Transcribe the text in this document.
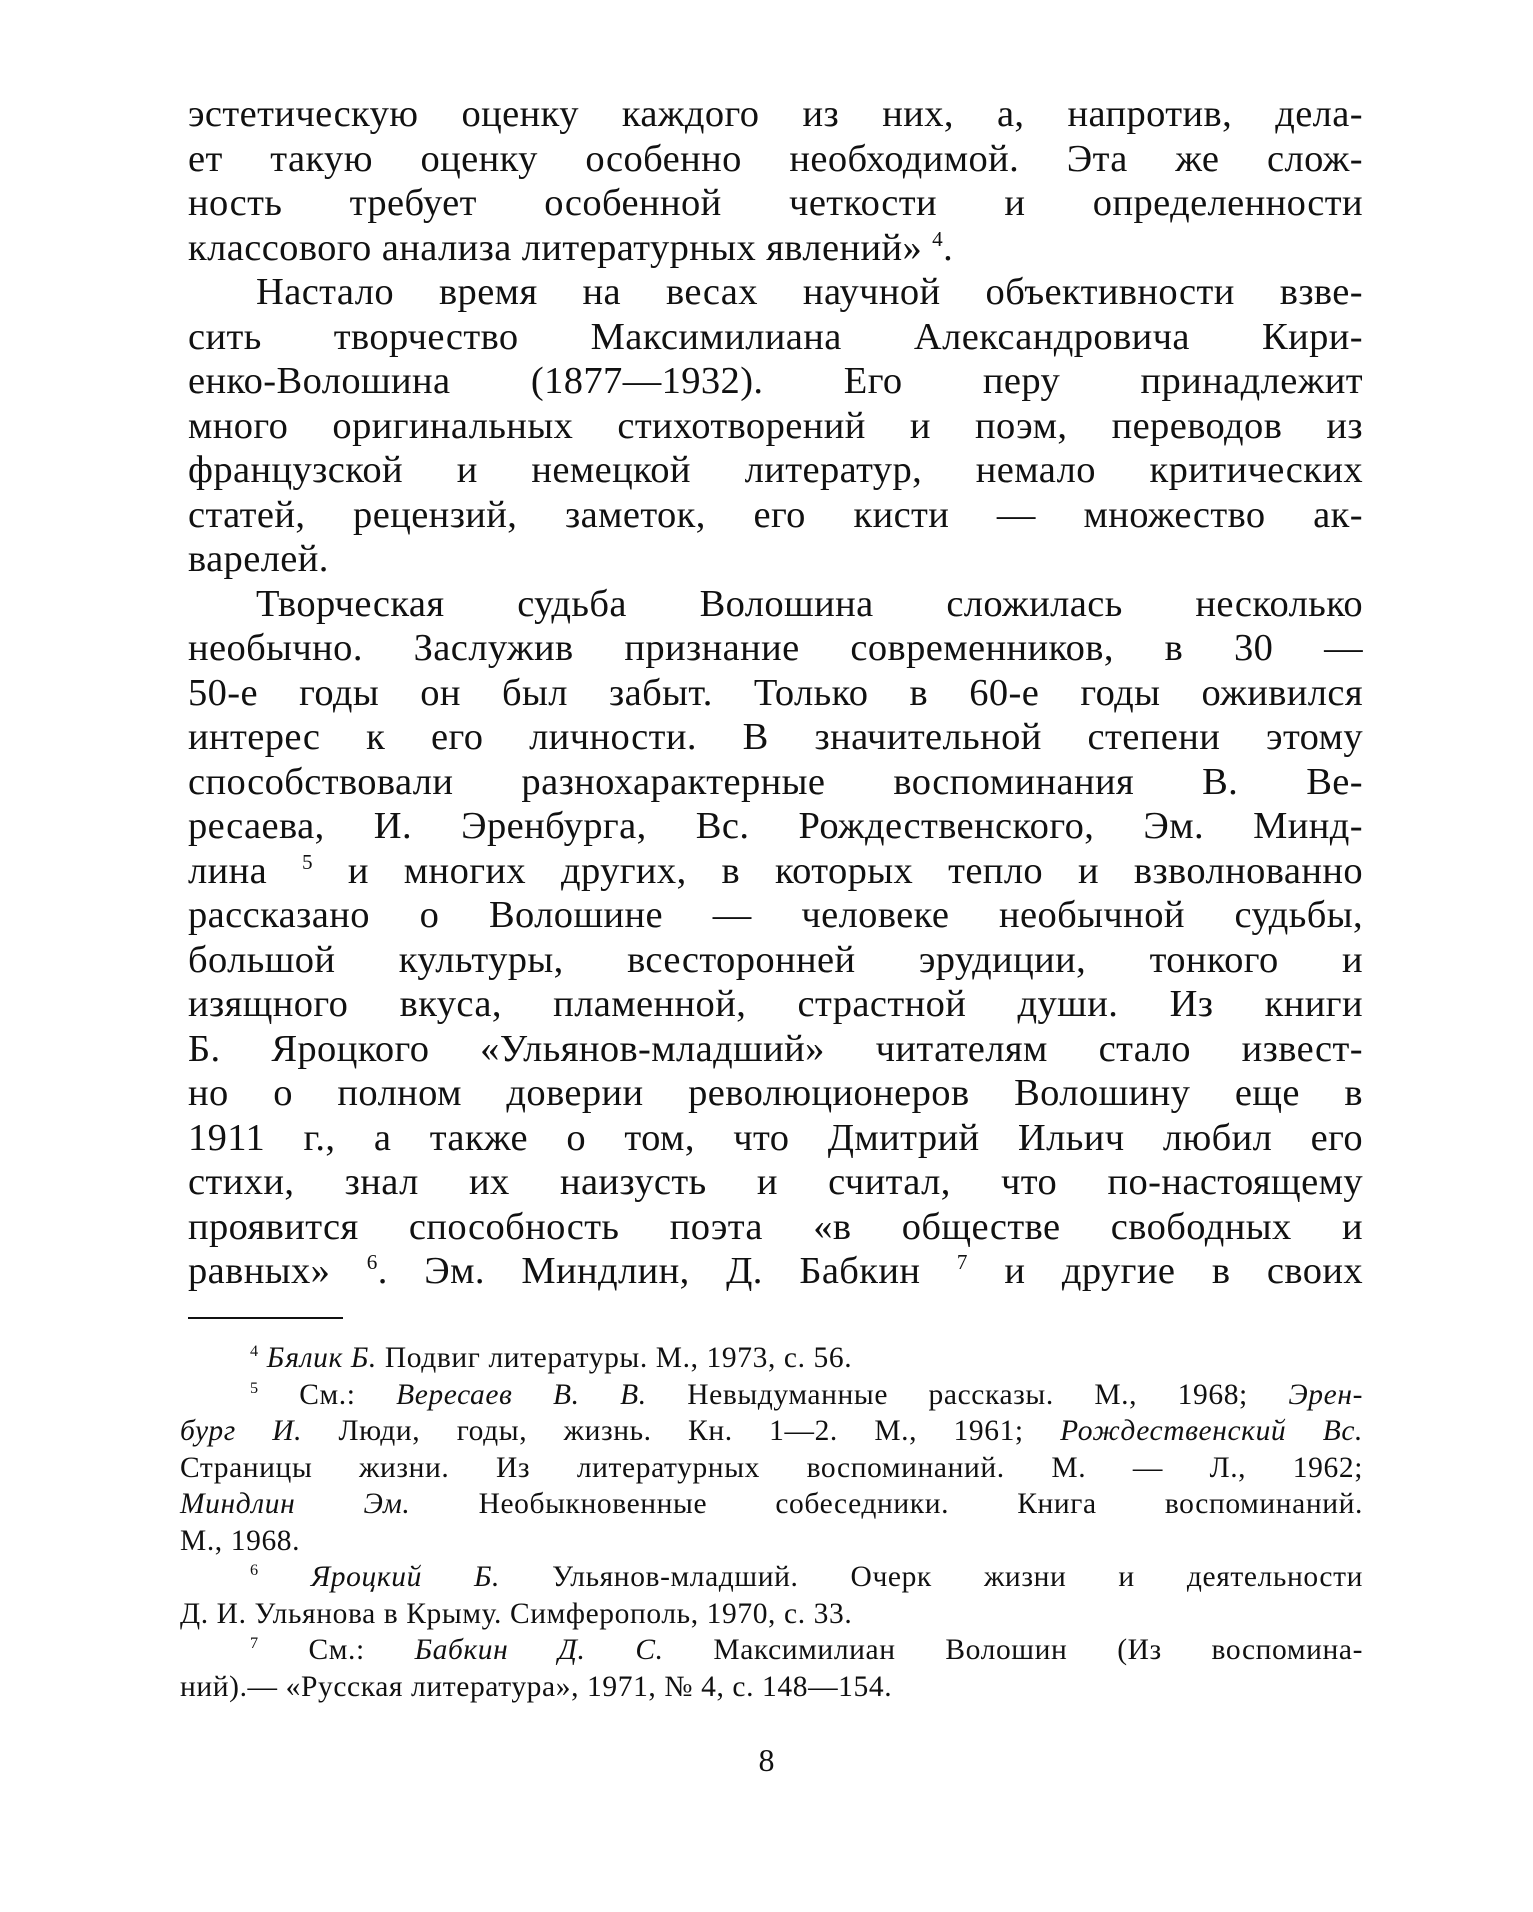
эстетическую оценку каждого из них, а, напротив, дела-
ет такую оценку особенно необходимой. Эта же слож-
ность требует особенной четкости и определенности
классового анализа литературных явлений» $^4$.

Настало время на весах научной объективности взве-
сить творчество Максимилиана Александровича Кири-
енко-Волошина (1877—1932). Его перу принадлежит
много оригинальных стихотворений и поэм, переводов из
французской и немецкой литератур, немало критических
статей, рецензий, заметок, его кисти — множество ак-
варелей.

Творческая судьба Волошина сложилась несколько
необычно. Заслужив признание современников, в 30 —
50-е годы он был забыт. Только в 60-е годы оживился
интерес к его личности. В значительной степени этому
способствовали разнохарактерные воспоминания В. Ве-
ресаева, И. Эренбурга, Вс. Рождественского, Эм. Минд-
лина $^5$ и многих других, в которых тепло и взволнованно
рассказано о Волошине — человеке необычной судьбы,
большой культуры, всесторонней эрудиции, тонкого и
изящного вкуса, пламенной, страстной души. Из книги
Б. Яроцкого «Ульянов-младший» читателям стало извест-
но о полном доверии революционеров Волошину еще в
1911 г., а также о том, что Дмитрий Ильич любил его
стихи, знал их наизусть и считал, что по-настоящему
проявится способность поэта «в обществе свободных и
равных» $^6$. Эм. Миндлин, Д. Бабкин $^7$ и другие в своих

$^4$ Бялик Б. Подвиг литературы. М., 1973, с. 56.
$^5$ См.: Вересаев В. В. Невыдуманные рассказы. М., 1968; Эрен-
бург И. Люди, годы, жизнь. Кн. 1—2. М., 1961; Рождественский Вс.
Страницы жизни. Из литературных воспоминаний. М. — Л., 1962;
Миндлин Эм. Необыкновенные собеседники. Книга воспоминаний.
М., 1968.
$^6$ Яроцкий Б. Ульянов-младший. Очерк жизни и деятельности
Д. И. Ульянова в Крыму. Симферополь, 1970, с. 33.
$^7$ См.: Бабкин Д. С. Максимилиан Волошин (Из воспомина-
ний).— «Русская литература», 1971, № 4, с. 148—154.
8
